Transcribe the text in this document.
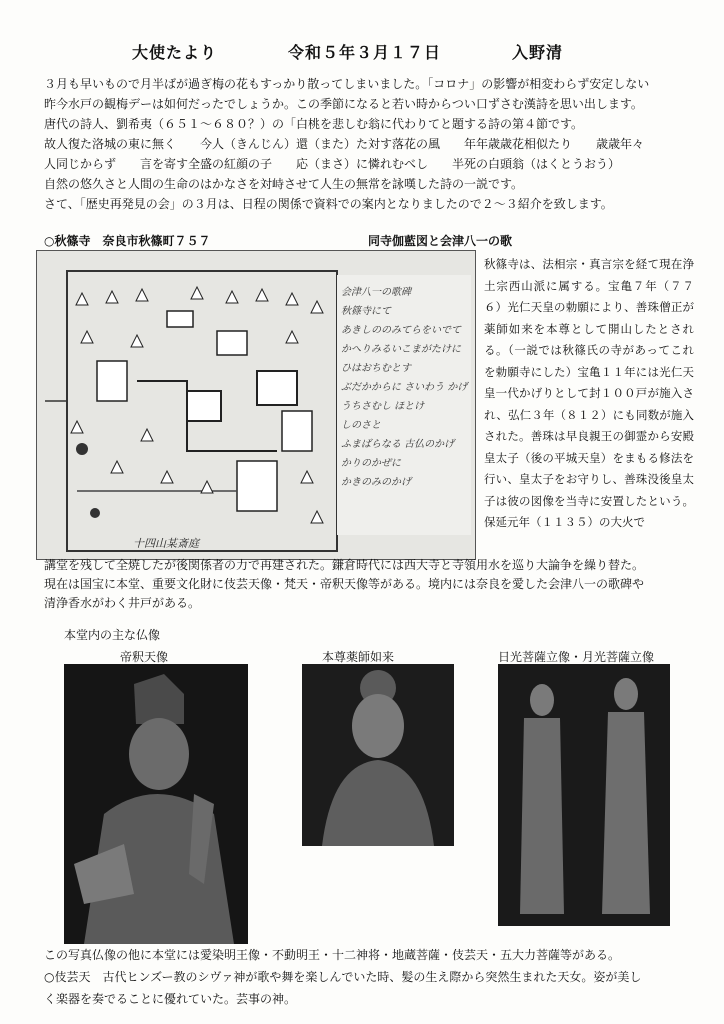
大使たより	令和５年３月１７日	入野清

３月も早いもので月半ばが過ぎ梅の花もすっかり散ってしまいました。「コロナ」の影響が相変わらず安定しない

昨今水戸の観梅デーは如何だったでしょうか。この季節になると若い時からつい口ずさむ漢詩を思い出します。

唐代の詩人、劉希夷（６５１〜６８０？）の「白桃を悲しむ翁に代わりてと題する詩の第４節です。

故人復た洛城の東に無く　　今人（きんじん）還（また）た対す落花の風　　年年歳歳花相似たり　　歳歳年々

人同じからず　　言を寄す全盛の紅顔の子　　応（まさ）に憐れむべし　　半死の白頭翁（はくとうおう）

自然の悠久さと人間の生命のはかなさを対峙させて人生の無常を詠嘆した詩の一説です。

さて、「歴史再発見の会」の３月は、日程の関係で資料での案内となりましたので２〜３紹介を致します。

○秋篠寺　奈良市秋篠町７５７	同寺伽藍図と会津八一の歌
会津八一の歌碑
秋篠寺にて
あきしののみてらをいでて
かへりみるいこまがたけに
ひはおちむとす
ぶだかからに さいわう かげ
うちさむし ほとけ
しのさと
ふまばらなる 古仏のかげ
かりのかぜに
かきのみのかげ
十四山某斎庭

秋篠寺は、法相宗・真言宗を経て現在浄土宗西山派に属する。宝亀７年（７７６）光仁天皇の勅願により、善珠僧正が薬師如来を本尊として開山したとされる。（一説では秋篠氏の寺があってこれを勅願寺にした）宝亀１１年には光仁天皇一代かげりとして封１００戸が施入され、弘仁３年（８１２）にも同数が施入された。善珠は早良親王の御霊から安殿皇太子（後の平城天皇）をまもる修法を行い、皇太子をお守りし、善珠没後皇太子は彼の図像を当寺に安置したという。保延元年（１１３５）の大火で

講堂を残して全焼したが後関係者の力で再建された。鎌倉時代には西大寺と寺領用水を巡り大論争を繰り替た。

現在は国宝に本堂、重要文化財に伎芸天像・梵天・帝釈天像等がある。境内には奈良を愛した会津八一の歌碑や

清浄香水がわく井戸がある。

本堂内の主な仏像
帝釈天像	本尊薬師如来	日光菩薩立像・月光菩薩立像

この写真仏像の他に本堂には愛染明王像・不動明王・十二神将・地蔵菩薩・伎芸天・五大力菩薩等がある。

○伎芸天　古代ヒンズー教のシヴァ神が歌や舞を楽しんでいた時、髪の生え際から突然生まれた天女。姿が美し

く楽器を奏でることに優れていた。芸事の神。
